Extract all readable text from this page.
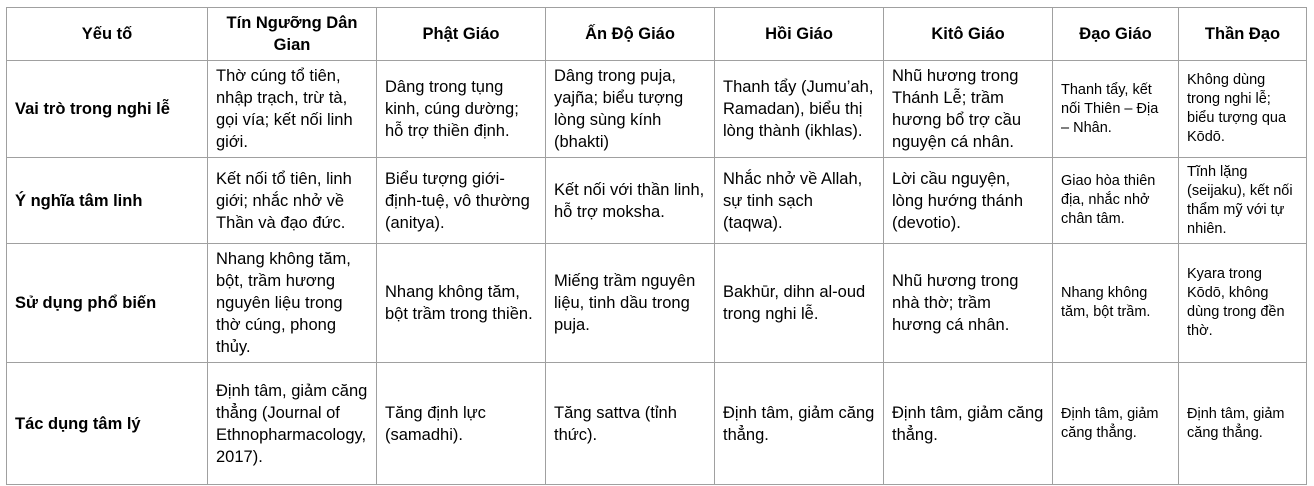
Yếu tố	Tín Ngưỡng Dân Gian	Phật Giáo	Ấn Độ Giáo	Hồi Giáo	Kitô Giáo	Đạo Giáo	Thần Đạo
Vai trò trong nghi lễ	Thờ cúng tổ tiên, nhập trạch, trừ tà, gọi vía; kết nối linh giới.	Dâng trong tụng kinh, cúng dường; hỗ trợ thiền định.	Dâng trong puja, yajña; biểu tượng lòng sùng kính (bhakti)	Thanh tẩy (Jumu’ah, Ramadan), biểu thị lòng thành (ikhlas).	Nhũ hương trong Thánh Lễ; trầm hương bổ trợ cầu nguyện cá nhân.	Thanh tẩy, kết nối Thiên – Địa – Nhân.	Không dùng trong nghi lễ; biểu tượng qua Kōdō.
Ý nghĩa tâm linh	Kết nối tổ tiên, linh giới; nhắc nhở về Thần và đạo đức.	Biểu tượng giới-định-tuệ, vô thường (anitya).	Kết nối với thần linh, hỗ trợ moksha.	Nhắc nhở về Allah, sự tinh sạch (taqwa).	Lời cầu nguyện, lòng hướng thánh (devotio).	Giao hòa thiên địa, nhắc nhở chân tâm.	Tĩnh lặng (seijaku), kết nối thẩm mỹ với tự nhiên.
Sử dụng phổ biến	Nhang không tăm, bột, trầm hương nguyên liệu trong thờ cúng, phong thủy.	Nhang không tăm, bột trầm trong thiền.	Miếng trầm nguyên liệu, tinh dầu trong puja.	Bakhūr, dihn al-oud trong nghi lễ.	Nhũ hương trong nhà thờ; trầm hương cá nhân.	Nhang không tăm, bột trầm.	Kyara trong Kōdō, không dùng trong đền thờ.
Tác dụng tâm lý	Định tâm, giảm căng thẳng (Journal of Ethnopharmacology, 2017).	Tăng định lực (samadhi).	Tăng sattva (tỉnh thức).	Định tâm, giảm căng thẳng.	Định tâm, giảm căng thẳng.	Định tâm, giảm căng thẳng.	Định tâm, giảm căng thẳng.
